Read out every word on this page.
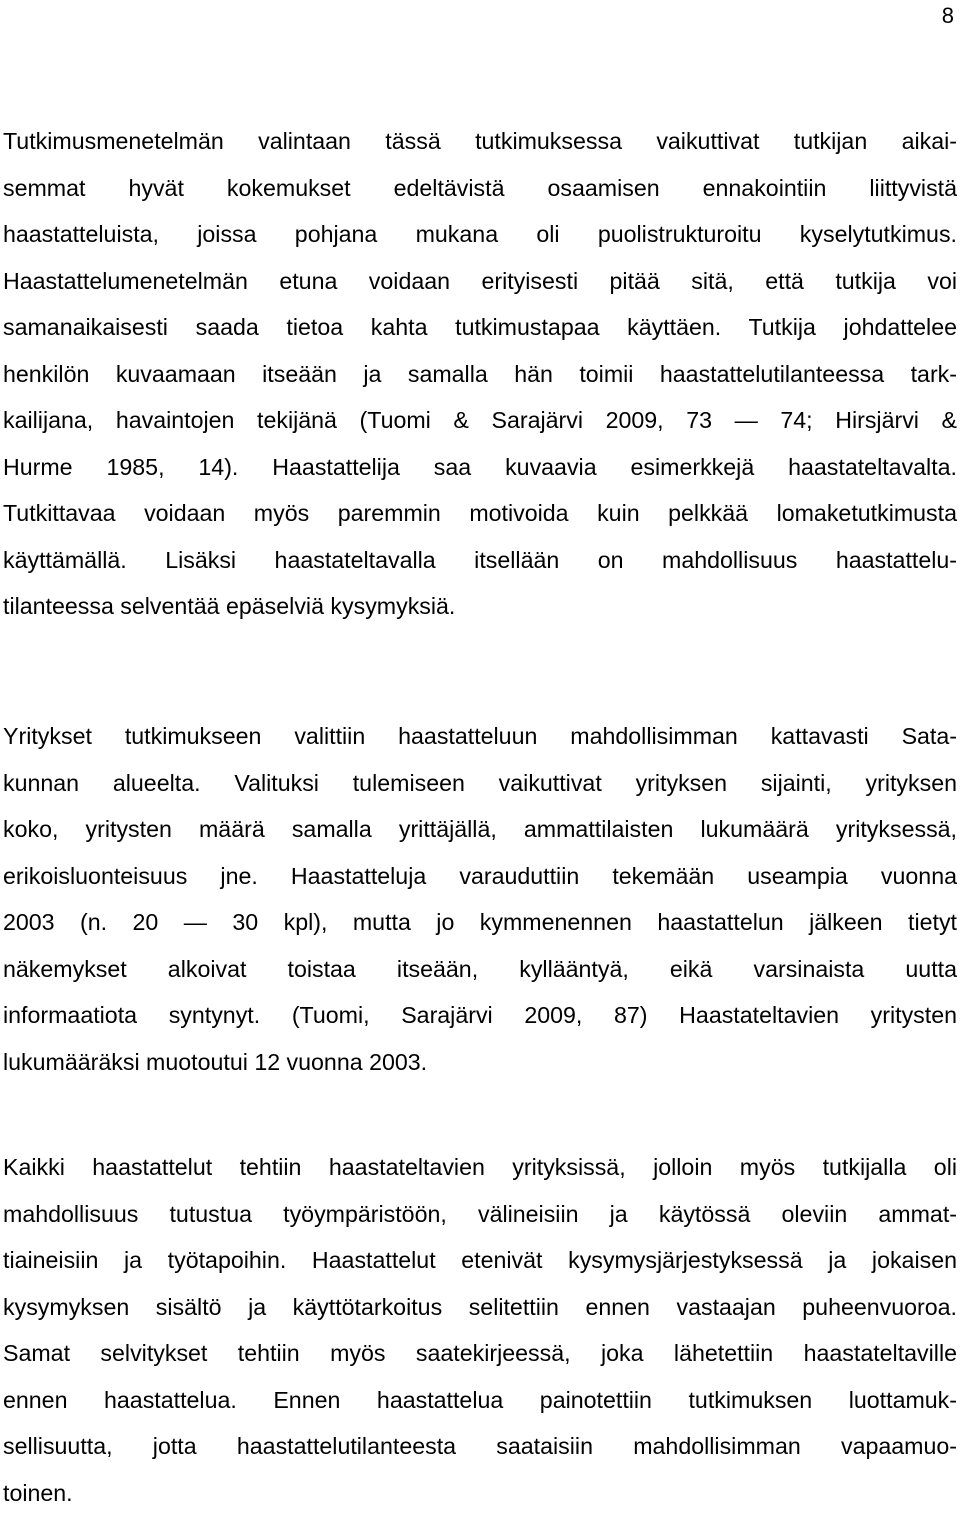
8
Tutkimusmenetelmän valintaan tässä tutkimuksessa vaikuttivat tutkijan aikai-
semmat hyvät kokemukset edeltävistä osaamisen ennakointiin liittyvistä
haastatteluista, joissa pohjana mukana oli puolistrukturoitu kyselytutkimus.
Haastattelumenetelmän etuna voidaan erityisesti pitää sitä, että tutkija voi
samanaikaisesti saada tietoa kahta tutkimustapaa käyttäen. Tutkija johdattelee
henkilön kuvaamaan itseään ja samalla hän toimii haastattelutilanteessa tark-
kailijana, havaintojen tekijänä (Tuomi & Sarajärvi 2009, 73 — 74; Hirsjärvi &
Hurme 1985, 14). Haastattelija saa kuvaavia esimerkkejä haastateltavalta.
Tutkittavaa voidaan myös paremmin motivoida kuin pelkkää lomaketutkimusta
käyttämällä. Lisäksi haastateltavalla itsellään on mahdollisuus haastattelu-
tilanteessa selventää epäselviä kysymyksiä.
Yritykset tutkimukseen valittiin haastatteluun mahdollisimman kattavasti Sata-
kunnan alueelta. Valituksi tulemiseen vaikuttivat yrityksen sijainti, yrityksen
koko, yritysten määrä samalla yrittäjällä, ammattilaisten lukumäärä yrityksessä,
erikoisluonteisuus jne. Haastatteluja varauduttiin tekemään useampia vuonna
2003 (n. 20 — 30 kpl), mutta jo kymmenennen haastattelun jälkeen tietyt
näkemykset alkoivat toistaa itseään, kyllääntyä, eikä varsinaista uutta
informaatiota syntynyt. (Tuomi, Sarajärvi 2009, 87) Haastateltavien yritysten
lukumääräksi muotoutui 12 vuonna 2003.
Kaikki haastattelut tehtiin haastateltavien yrityksissä, jolloin myös tutkijalla oli
mahdollisuus tutustua työympäristöön, välineisiin ja käytössä oleviin ammat-
tiaineisiin ja työtapoihin. Haastattelut etenivät kysymysjärjestyksessä ja jokaisen
kysymyksen sisältö ja käyttötarkoitus selitettiin ennen vastaajan puheenvuoroa.
Samat selvitykset tehtiin myös saatekirjeessä, joka lähetettiin haastateltaville
ennen haastattelua. Ennen haastattelua painotettiin tutkimuksen luottamuk-
sellisuutta, jotta haastattelutilanteesta saataisiin mahdollisimman vapaamuo-
toinen.
